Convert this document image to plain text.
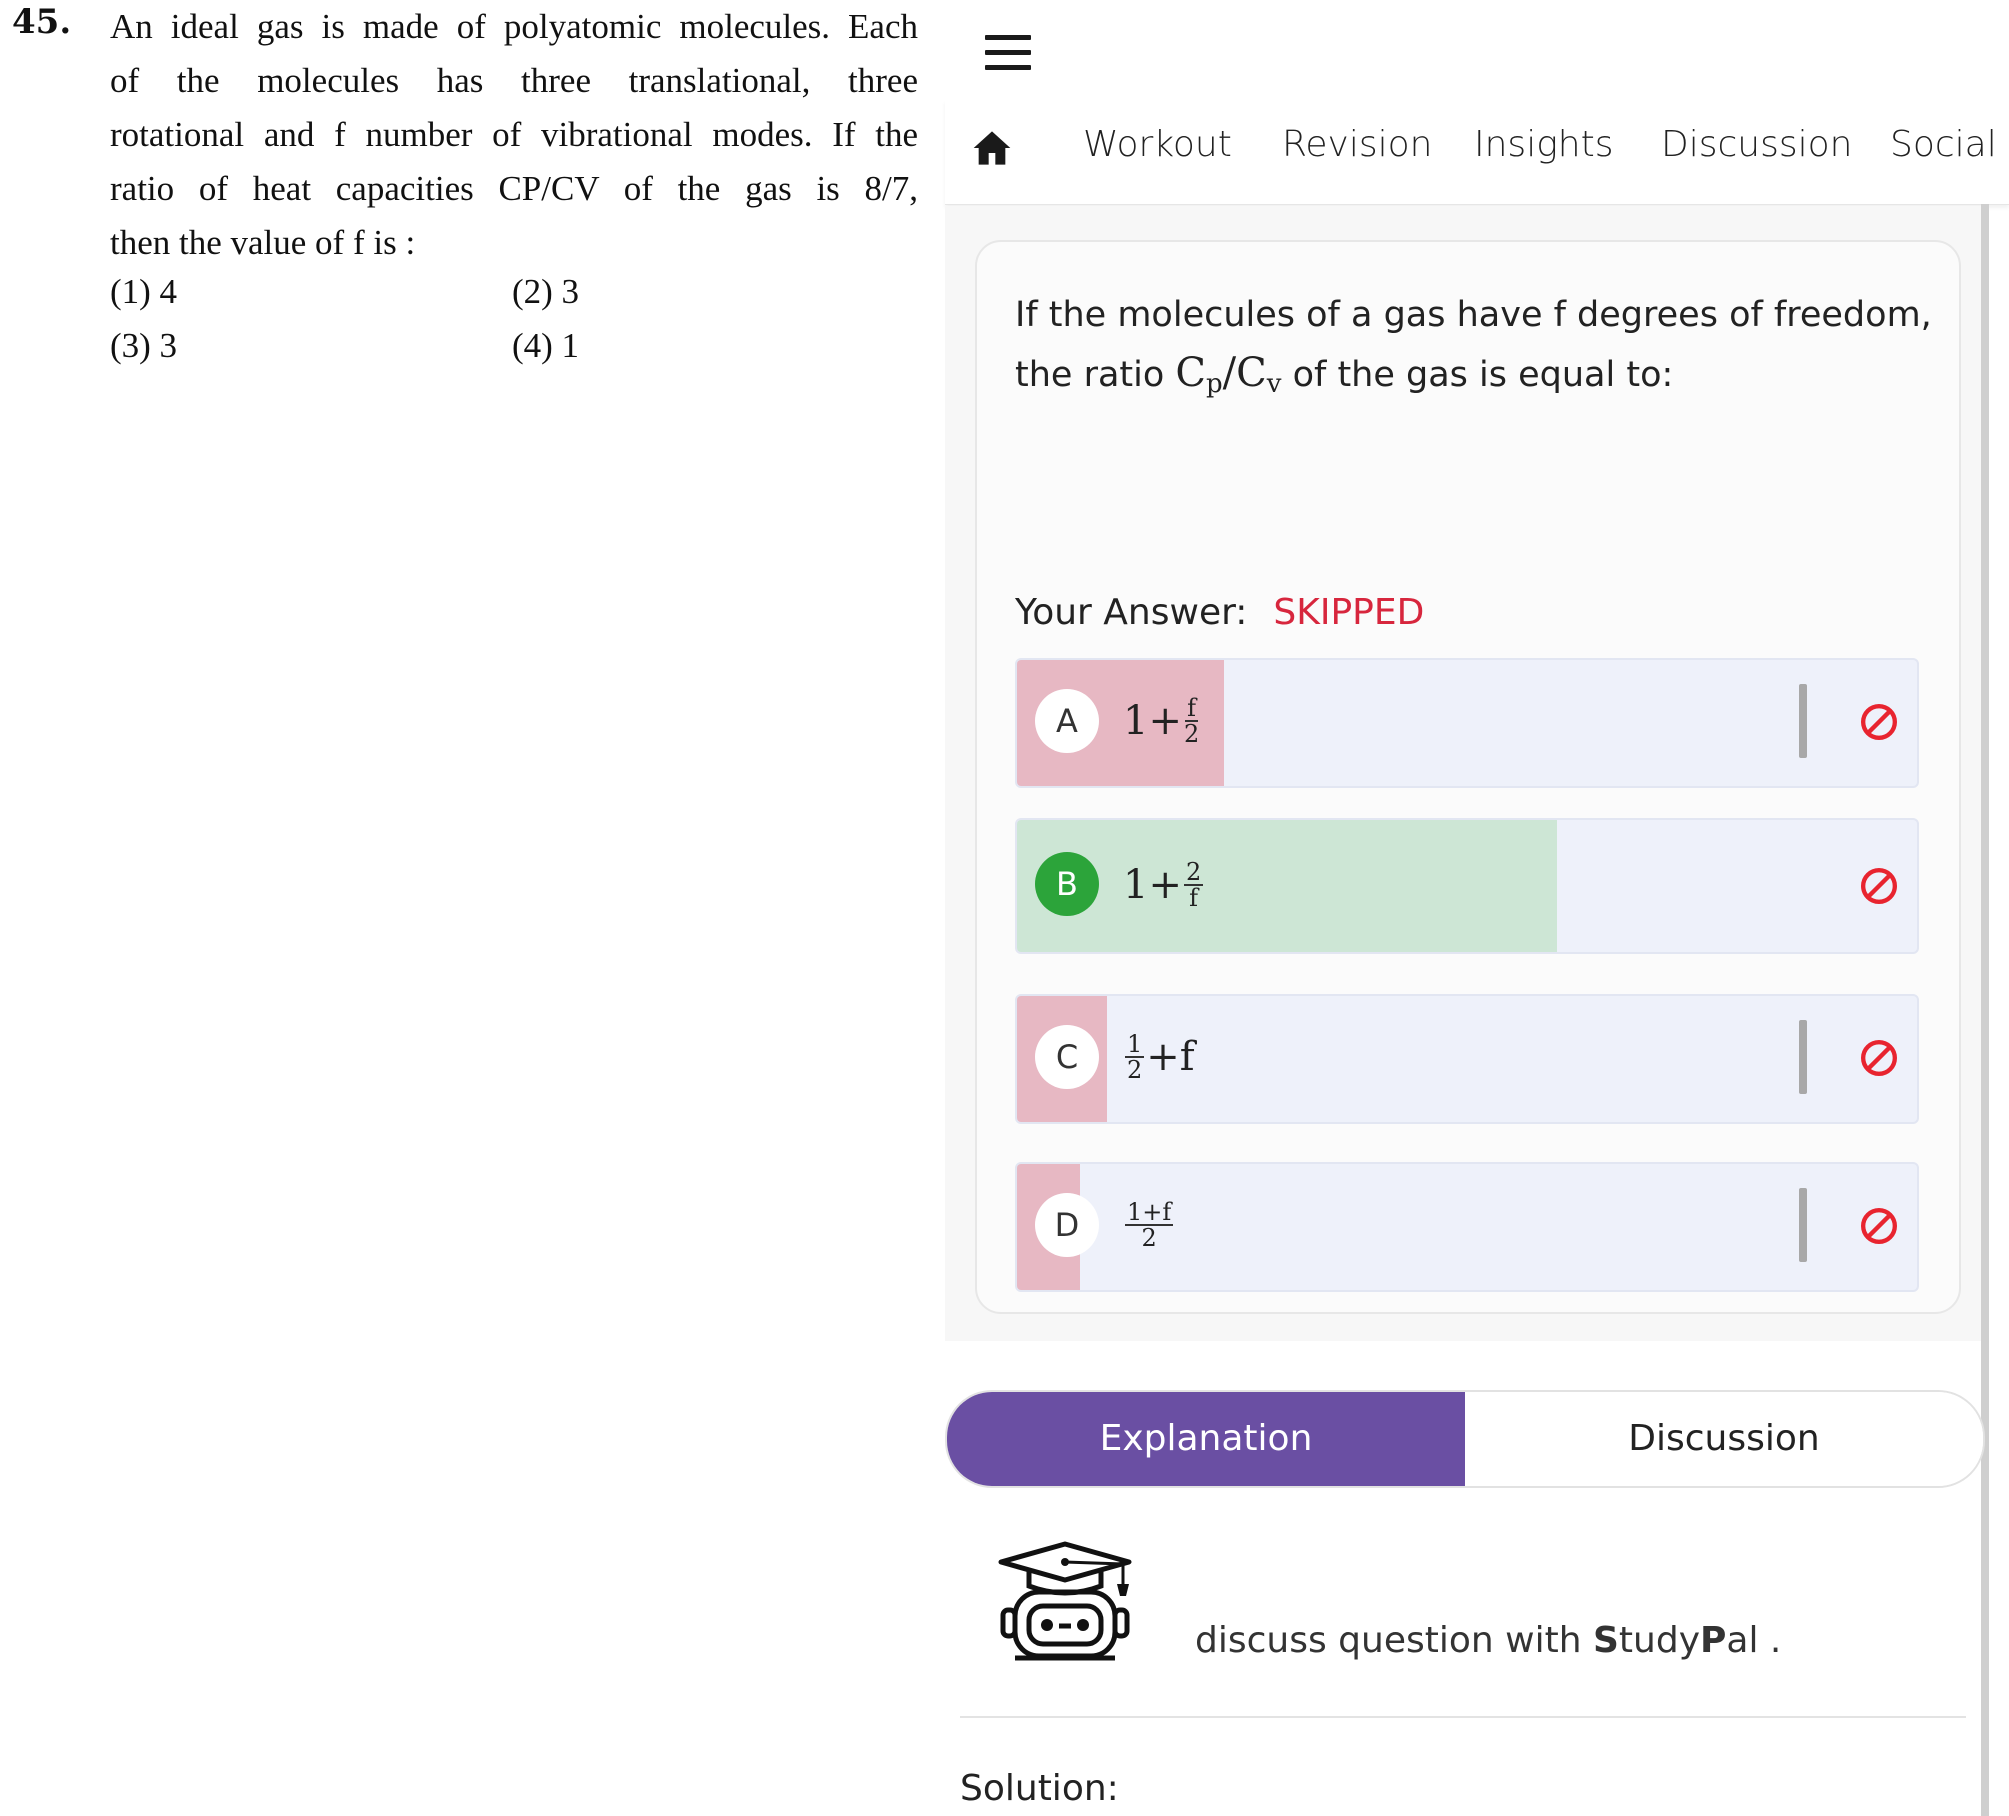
45. An ideal gas is made of polyatomic molecules. Each
of the molecules has three translational, three
rotational and f number of vibrational modes. If the
ratio of heat capacities CP/CV of the gas is 8/7,
then the value of f is :
(1) 4	(2) 3
(3) 3	(4) 1
Workout Revision Insights Discussion Social
If the molecules of a gas have f degrees of freedom,
the ratio $C_p/C_v$ of the gas is equal to:
Your Answer: SKIPPED
A	$1+ \frac{f}{2}$
B	$1+ \frac{2}{f}$
C	$\frac{1}{2} +f$
D	$\frac{1+f}{2}$
Explanation	Discussion
discuss question with StudyPal .
Solution:
